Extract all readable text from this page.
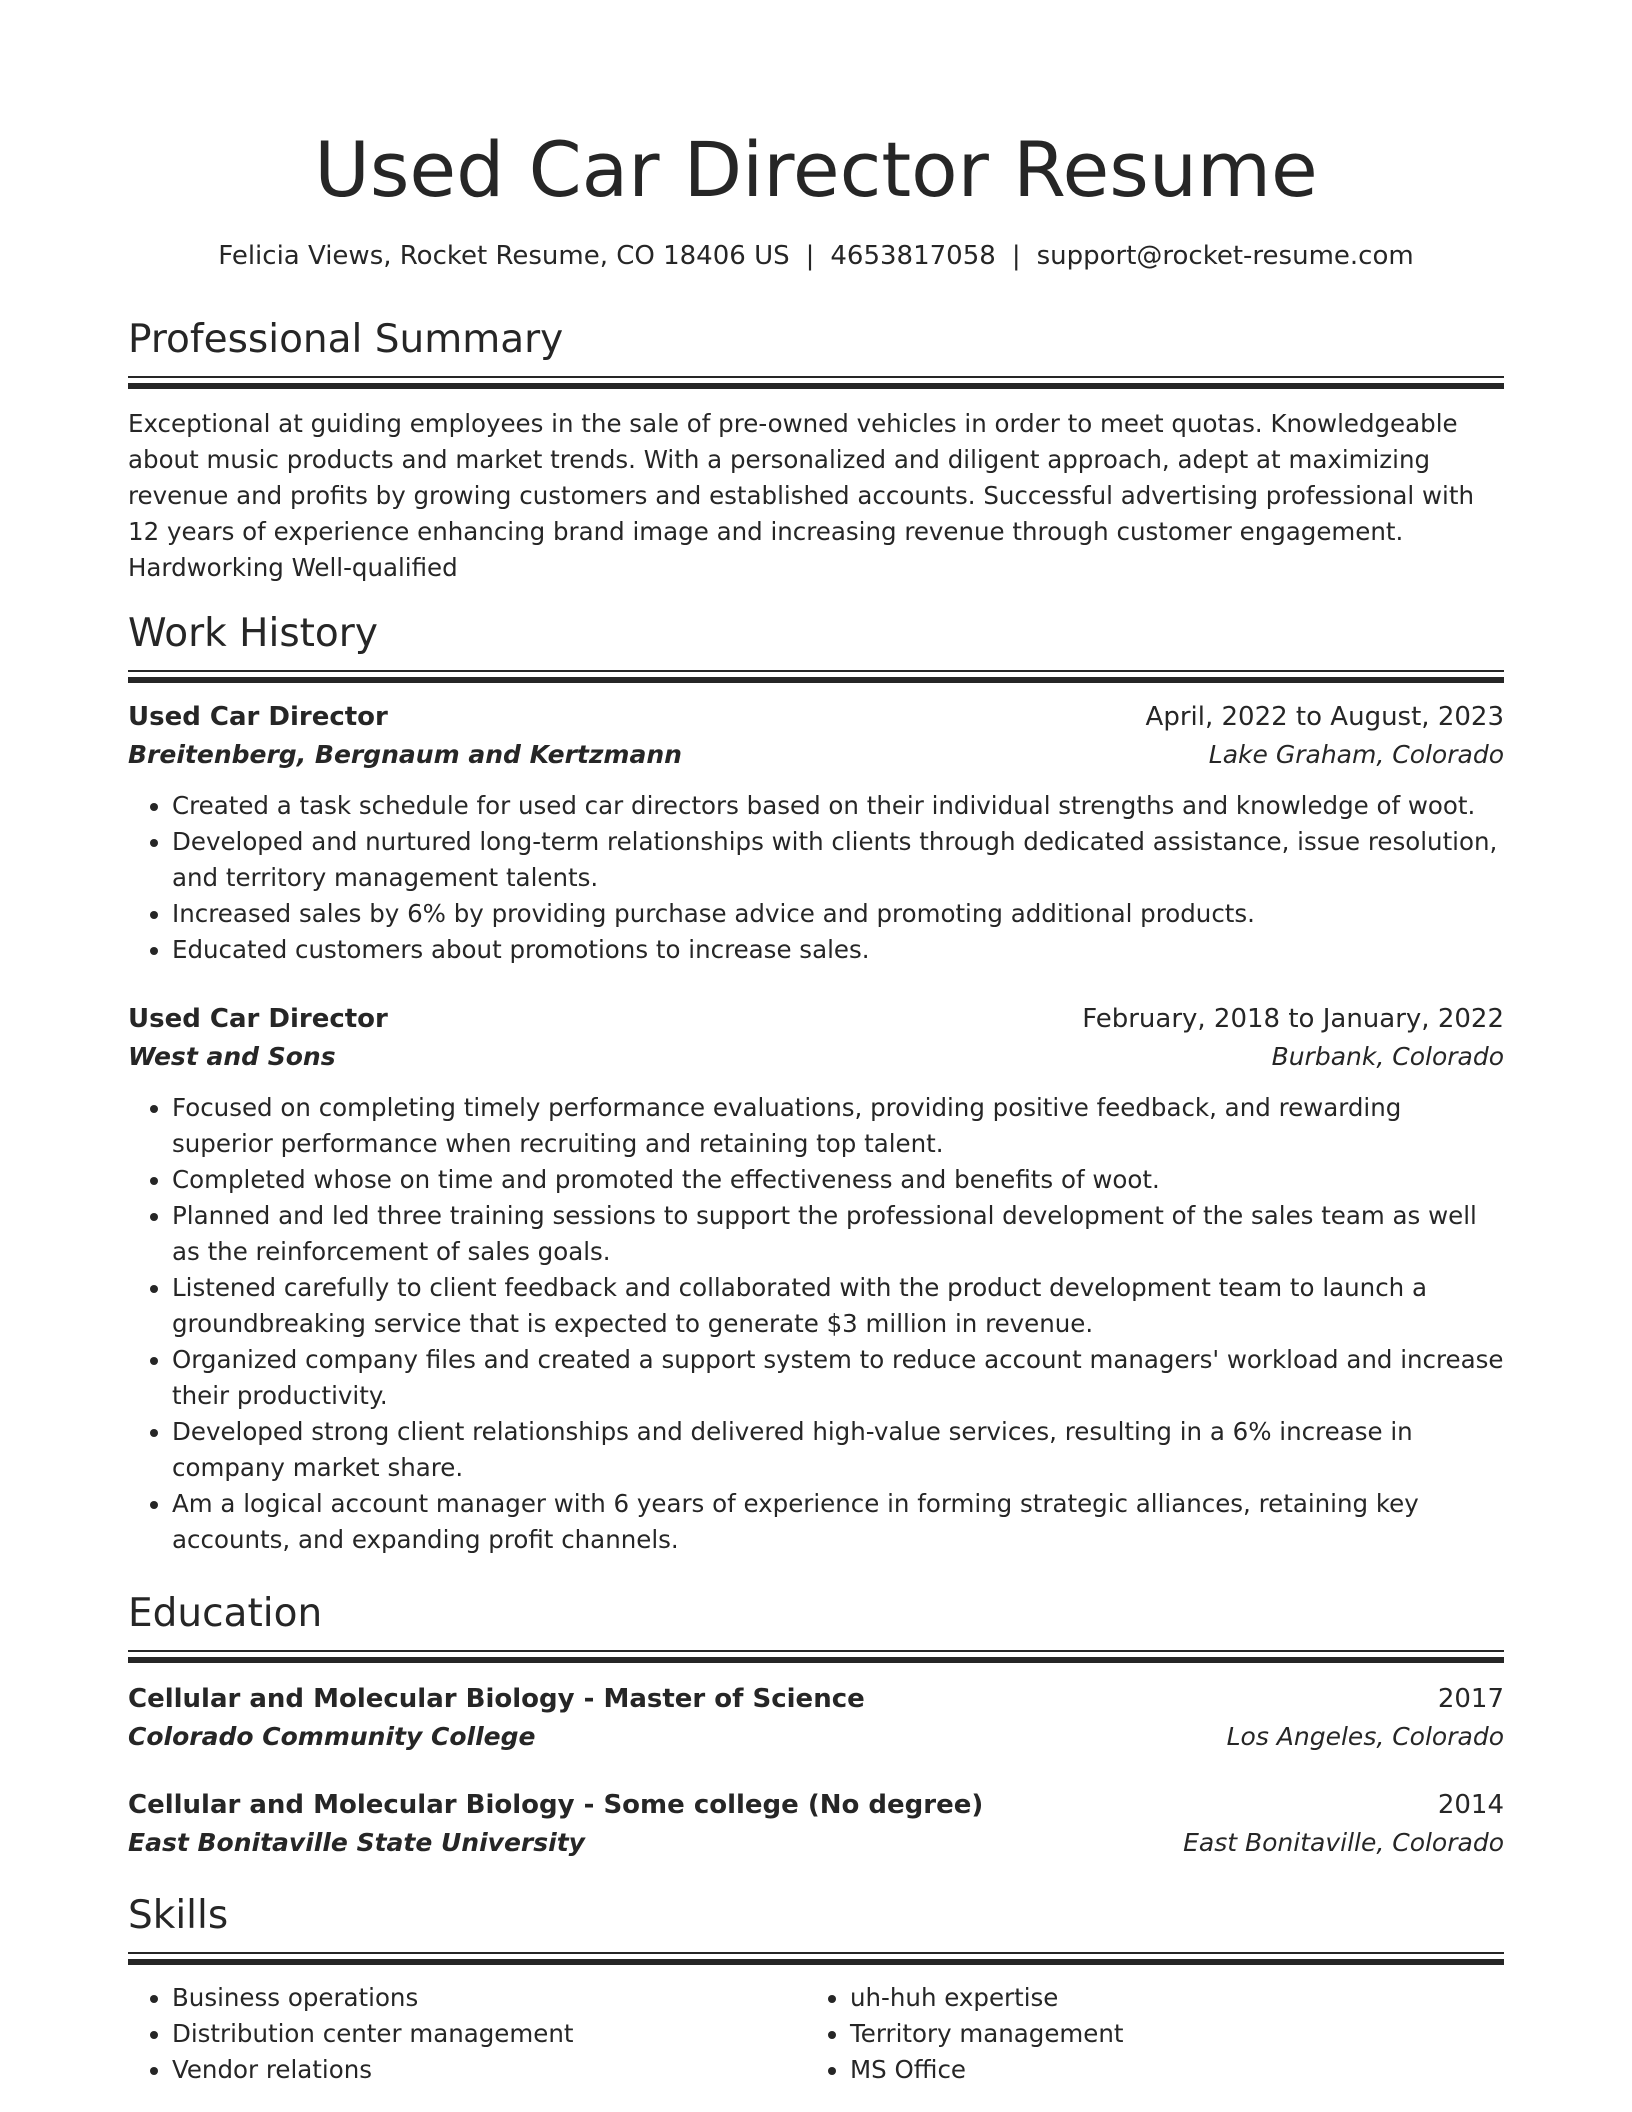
Used Car Director Resume
Felicia Views, Rocket Resume, CO 18406 US | 4653817058 | support@rocket-resume.com
Professional Summary
Exceptional at guiding employees in the sale of pre-owned vehicles in order to meet quotas. Knowledgeable about music products and market trends. With a personalized and diligent approach, adept at maximizing revenue and profits by growing customers and established accounts. Successful advertising professional with 12 years of experience enhancing brand image and increasing revenue through customer engagement. Hardworking Well-qualified
Work History
Used Car Director	April, 2022 to August, 2023
Breitenberg, Bergnaum and Kertzmann	Lake Graham, Colorado
• Created a task schedule for used car directors based on their individual strengths and knowledge of woot.
• Developed and nurtured long-term relationships with clients through dedicated assistance, issue resolution, and territory management talents.
• Increased sales by 6% by providing purchase advice and promoting additional products.
• Educated customers about promotions to increase sales.
Used Car Director	February, 2018 to January, 2022
West and Sons	Burbank, Colorado
• Focused on completing timely performance evaluations, providing positive feedback, and rewarding superior performance when recruiting and retaining top talent.
• Completed whose on time and promoted the effectiveness and benefits of woot.
• Planned and led three training sessions to support the professional development of the sales team as well as the reinforcement of sales goals.
• Listened carefully to client feedback and collaborated with the product development team to launch a groundbreaking service that is expected to generate $3 million in revenue.
• Organized company files and created a support system to reduce account managers' workload and increase their productivity.
• Developed strong client relationships and delivered high-value services, resulting in a 6% increase in company market share.
• Am a logical account manager with 6 years of experience in forming strategic alliances, retaining key accounts, and expanding profit channels.
Education
Cellular and Molecular Biology - Master of Science	2017
Colorado Community College	Los Angeles, Colorado
Cellular and Molecular Biology - Some college (No degree)	2014
East Bonitaville State University	East Bonitaville, Colorado
Skills
• Business operations
• Distribution center management
• Vendor relations
• uh-huh expertise
• Territory management
• MS Office
